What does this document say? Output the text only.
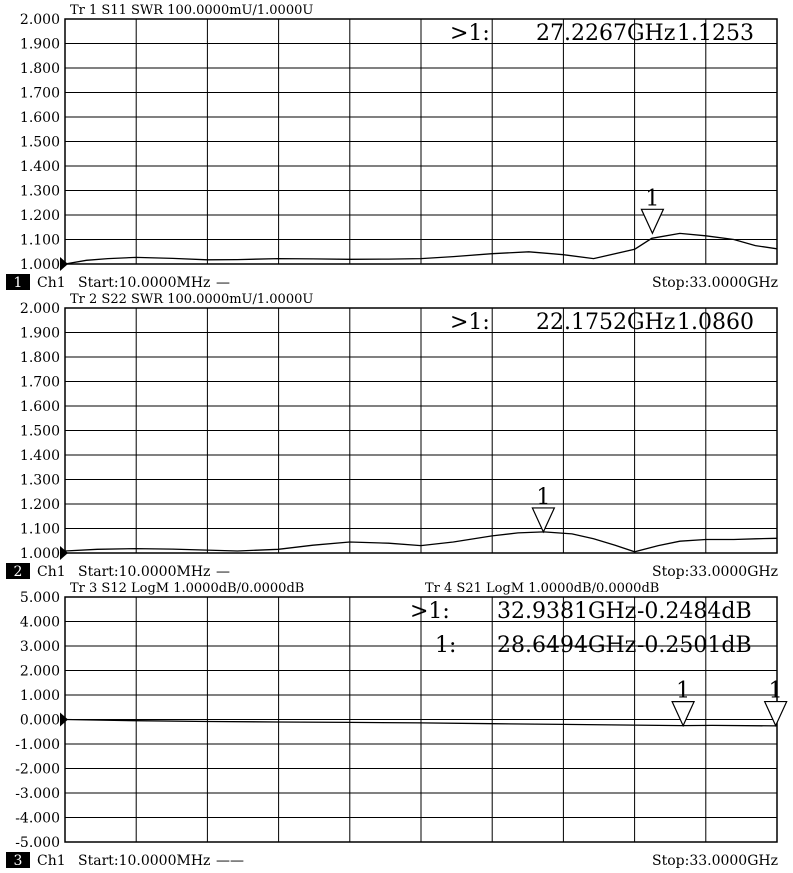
2.000
1.900
1.800
1.700
1.600
1.500
1.400
1.300
1.200
1.100
1.000
Tr 1 S11 SWR 100.0000mU/1.0000U
1
>1: 27.2267GHz 1.1253
1 Ch1 Start:10.0000MHz —	Stop:33.0000GHz
2.000
1.900
1.800
1.700
1.600
1.500
1.400
1.300
1.200
1.100
1.000
Tr 2 S22 SWR 100.0000mU/1.0000U
1
>1: 22.1752GHz 1.0860
2 Ch1 Start:10.0000MHz —	Stop:33.0000GHz
5.000
4.000
3.000
2.000
1.000
0.000
-1.000
-2.000
-3.000
-4.000
-5.000
Tr 3 S12 LogM 1.0000dB/0.0000dB	Tr 4 S21 LogM 1.0000dB/0.0000dB
1	1
>1: 32.9381GHz -0.2484dB
1: 28.6494GHz -0.2501dB
3 Ch1 Start:10.0000MHz ——	Stop:33.0000GHz
